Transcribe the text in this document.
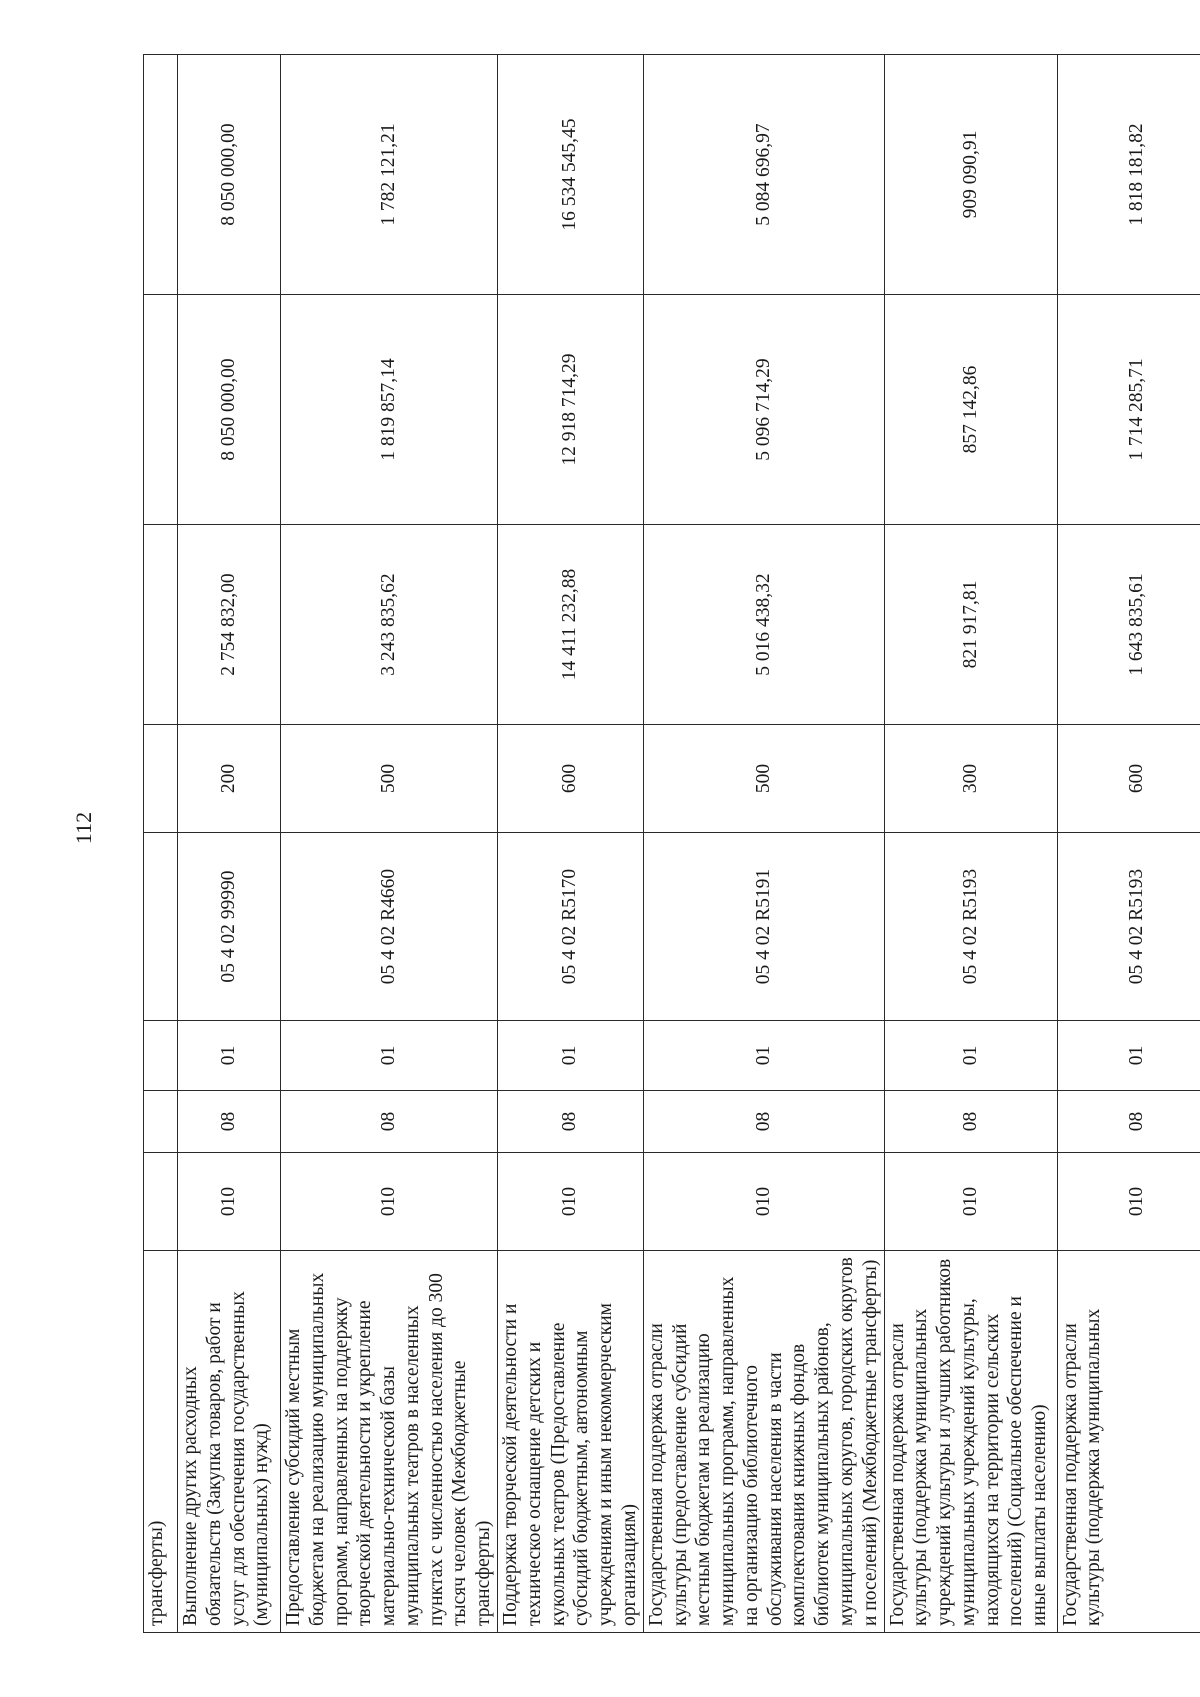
112
трансферты)								
Выполнение других расходных обязательств (Закупка товаров, работ и услуг для обеспечения государственных (муниципальных) нужд)	010	08	01	05 4 02 99990	200	2 754 832,00	8 050 000,00	8 050 000,00
Предоставление субсидий местным бюджетам на реализацию муниципальных программ, направленных на поддержку творческой деятельности и укрепление материально-технической базы муниципальных театров в населенных пунктах с численностью населения до 300 тысяч человек (Межбюджетные трансферты)	010	08	01	05 4 02 R4660	500	3 243 835,62	1 819 857,14	1 782 121,21
Поддержка творческой деятельности и техническое оснащение детских и кукольных театров (Предоставление субсидий бюджетным, автономным учреждениям и иным некоммерческим организациям)	010	08	01	05 4 02 R5170	600	14 411 232,88	12 918 714,29	16 534 545,45
Государственная поддержка отрасли культуры (предоставление субсидий местным бюджетам на реализацию муниципальных программ, направленных на организацию библиотечного обслуживания населения в части комплектования книжных фондов библиотек муниципальных районов, муниципальных округов, городских округов и поселений) (Межбюджетные трансферты)	010	08	01	05 4 02 R5191	500	5 016 438,32	5 096 714,29	5 084 696,97
Государственная поддержка отрасли культуры (поддержка муниципальных учреждений культуры и лучших работников муниципальных учреждений культуры, находящихся на территории сельских поселений) (Социальное обеспечение и иные выплаты населению)	010	08	01	05 4 02 R5193	300	821 917,81	857 142,86	909 090,91
Государственная поддержка отрасли культуры (поддержка муниципальных	010	08	01	05 4 02 R5193	600	1 643 835,61	1 714 285,71	1 818 181,82
